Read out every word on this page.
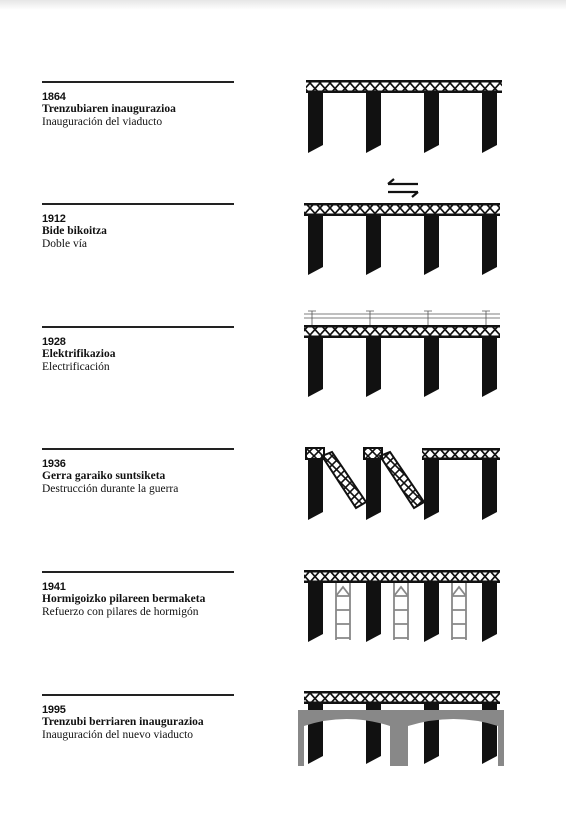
1864
Trenzubiaren inaugurazioa
Inauguración del viaducto
1912
Bide bikoitza
Doble vía
1928
Elektrifikazioa
Electrificación
1936
Gerra garaiko suntsiketa
Destrucción durante la guerra
1941
Hormigoizko pilareen bermaketa
Refuerzo con pilares de hormigón
1995
Trenzubi berriaren inaugurazioa
Inauguración del nuevo viaducto
